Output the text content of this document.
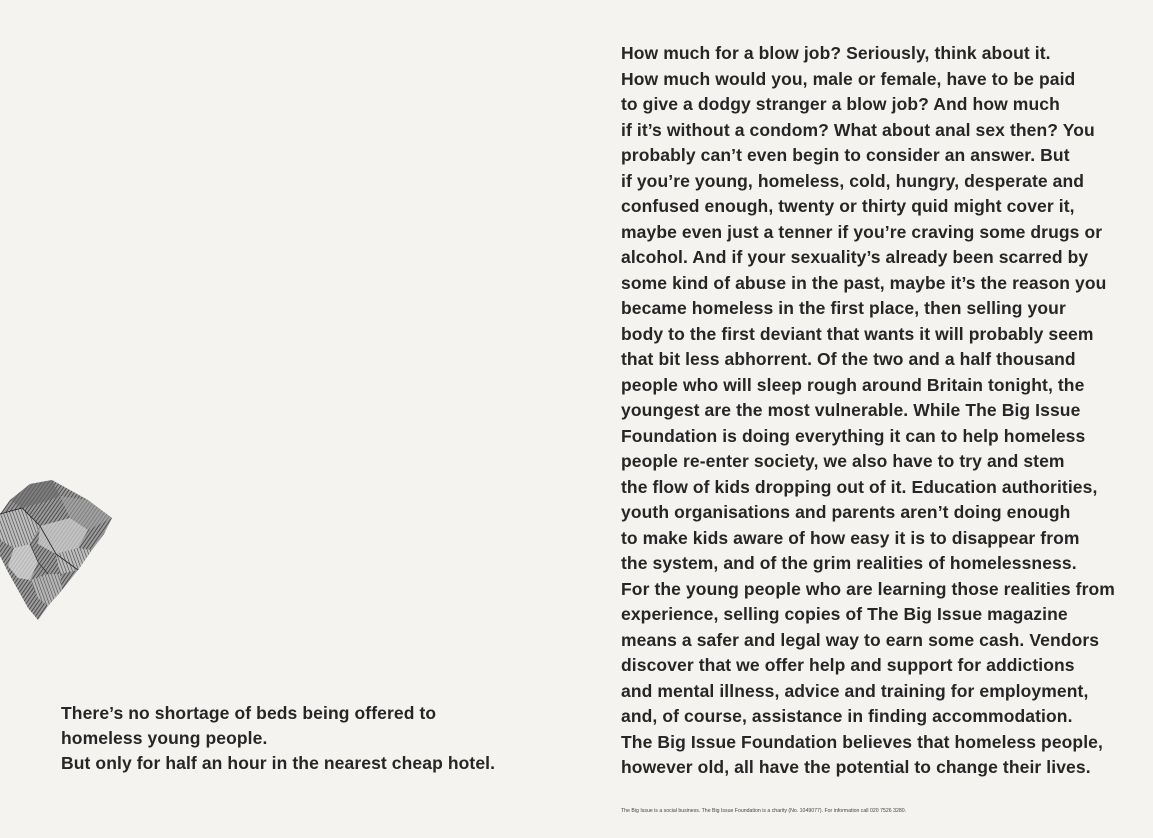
There’s no shortage of beds being offered to
homeless young people.
But only for half an hour in the nearest cheap hotel.
How much for a blow job? Seriously, think about it.
How much would you, male or female, have to be paid
to give a dodgy stranger a blow job? And how much
if it’s without a condom? What about anal sex then? You
probably can’t even begin to consider an answer. But
if you’re young, homeless, cold, hungry, desperate and
confused enough, twenty or thirty quid might cover it,
maybe even just a tenner if you’re craving some drugs or
alcohol. And if your sexuality’s already been scarred by
some kind of abuse in the past, maybe it’s the reason you
became homeless in the first place, then selling your
body to the first deviant that wants it will probably seem
that bit less abhorrent. Of the two and a half thousand
people who will sleep rough around Britain tonight, the
youngest are the most vulnerable. While The Big Issue
Foundation is doing everything it can to help homeless
people re-enter society, we also have to try and stem
the flow of kids dropping out of it. Education authorities,
youth organisations and parents aren’t doing enough
to make kids aware of how easy it is to disappear from
the system, and of the grim realities of homelessness.
For the young people who are learning those realities from
experience, selling copies of The Big Issue magazine
means a safer and legal way to earn some cash. Vendors
discover that we offer help and support for addictions
and mental illness, advice and training for employment,
and, of course, assistance in finding accommodation.
The Big Issue Foundation believes that homeless people,
however old, all have the potential to change their lives.
The Big Issue is a social business. The Big Issue Foundation is a charity (No. 1049077). For information call 020 7526 3280.
